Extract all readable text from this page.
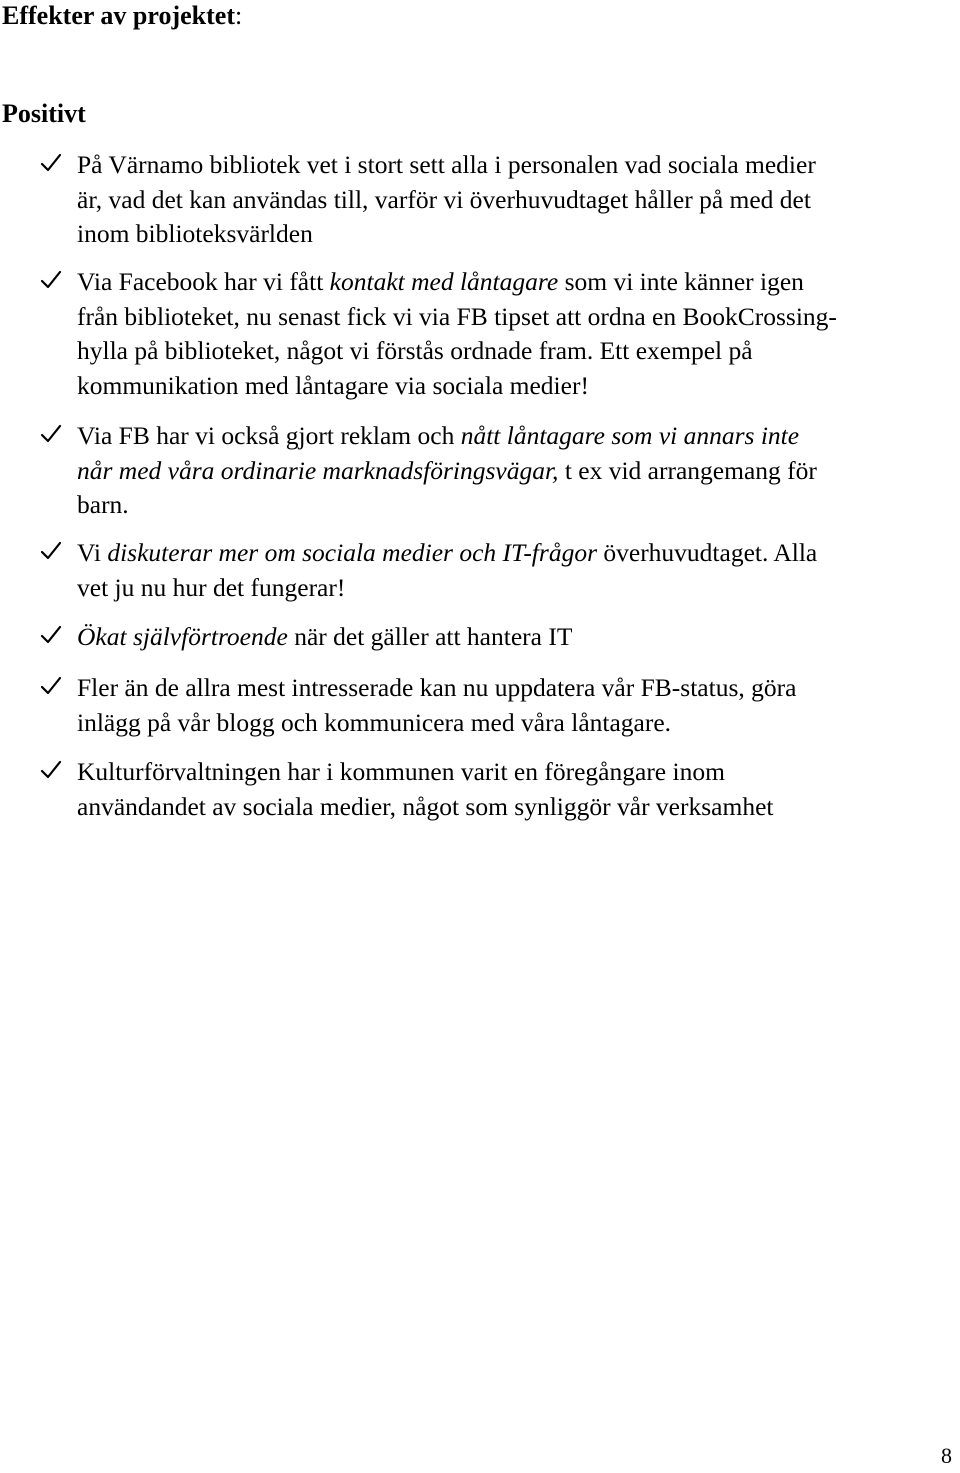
Effekter av projektet:
Positivt

På Värnamo bibliotek vet i stort sett alla i personalen vad sociala medier
är, vad det kan användas till, varför vi överhuvudtaget håller på med det
inom biblioteksvärlden

Via Facebook har vi fått kontakt med låntagare som vi inte känner igen
från biblioteket, nu senast fick vi via FB tipset att ordna en BookCrossing-
hylla på biblioteket, något vi förstås ordnade fram. Ett exempel på
kommunikation med låntagare via sociala medier!

Via FB har vi också gjort reklam och nått låntagare som vi annars inte
når med våra ordinarie marknadsföringsvägar, t ex vid arrangemang för
barn.

Vi diskuterar mer om sociala medier och IT-frågor överhuvudtaget. Alla
vet ju nu hur det fungerar!

Ökat självförtroende när det gäller att hantera IT

Fler än de allra mest intresserade kan nu uppdatera vår FB-status, göra
inlägg på vår blogg och kommunicera med våra låntagare.

Kulturförvaltningen har i kommunen varit en föregångare inom
användandet av sociala medier, något som synliggör vår verksamhet

8
